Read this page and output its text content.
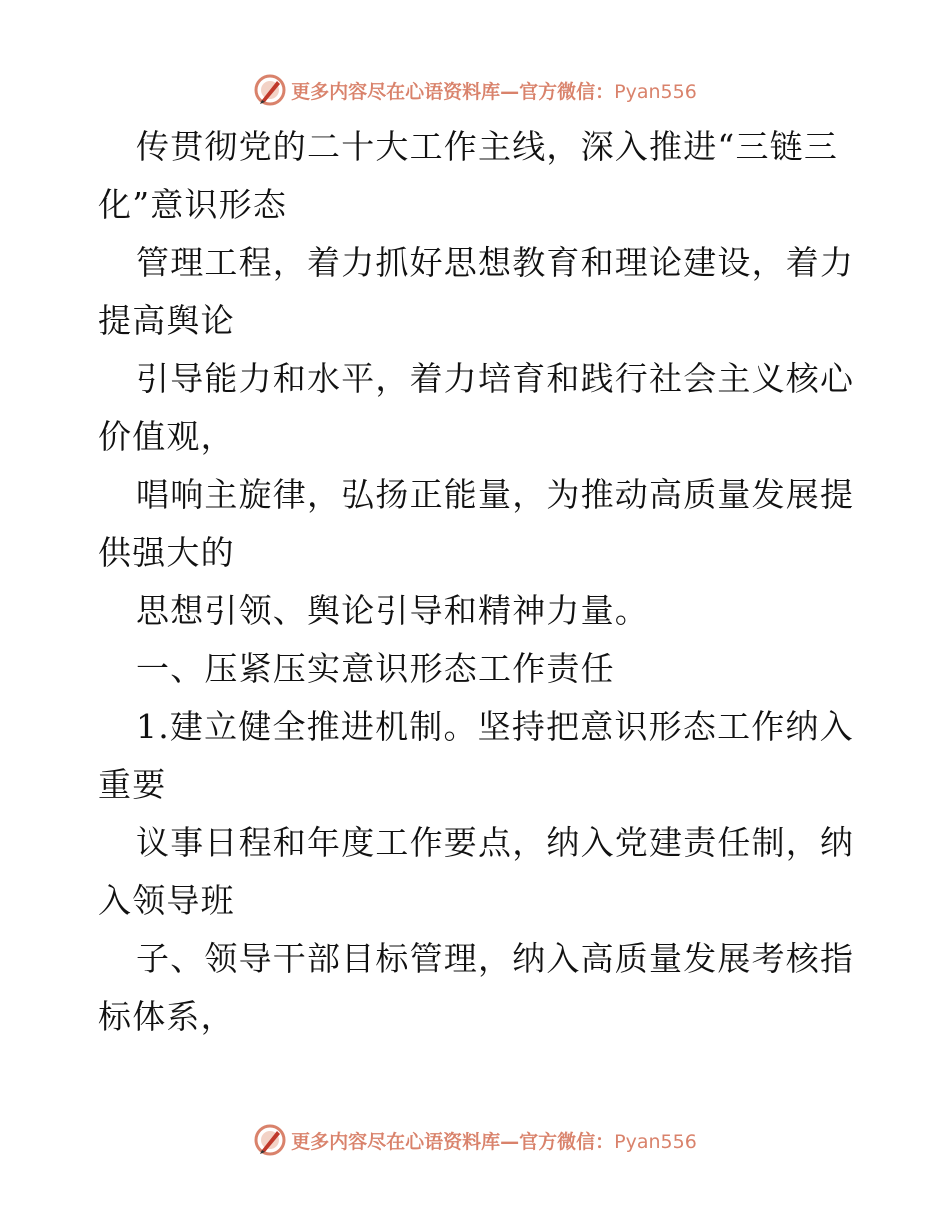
更多内容尽在心语资料库—官方微信：Pyan556
传贯彻党的二十大工作主线，深入推进“三链三
化”意识形态
管理工程，着力抓好思想教育和理论建设，着力
提高舆论
引导能力和水平，着力培育和践行社会主义核心
价值观，
唱响主旋律，弘扬正能量，为推动高质量发展提
供强大的
思想引领、舆论引导和精神力量。
一、压紧压实意识形态工作责任
1.建立健全推进机制。坚持把意识形态工作纳入
重要
议事日程和年度工作要点，纳入党建责任制，纳
入领导班
子、领导干部目标管理，纳入高质量发展考核指
标体系，
更多内容尽在心语资料库—官方微信：Pyan556
